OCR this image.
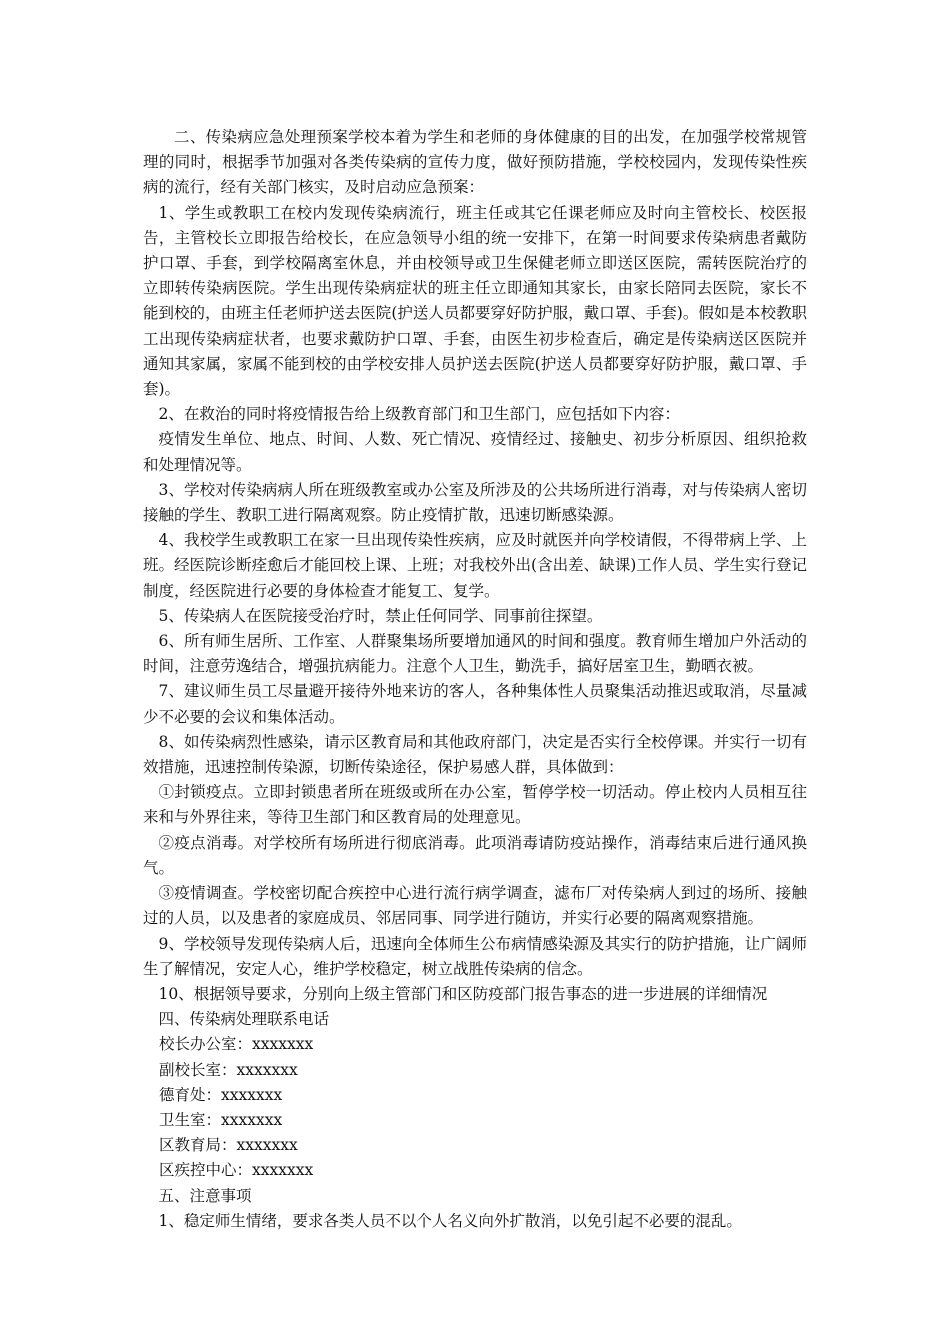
二、传染病应急处理预案学校本着为学生和老师的身体健康的目的出发，在加强学校常规管理的同时，根据季节加强对各类传染病的宣传力度，做好预防措施，学校校园内，发现传染性疾病的流行，经有关部门核实，及时启动应急预案：

1、学生或教职工在校内发现传染病流行，班主任或其它任课老师应及时向主管校长、校医报告，主管校长立即报告给校长，在应急领导小组的统一安排下，在第一时间要求传染病患者戴防护口罩、手套，到学校隔离室休息，并由校领导或卫生保健老师立即送区医院，需转医院治疗的立即转传染病医院。学生出现传染病症状的班主任立即通知其家长，由家长陪同去医院，家长不能到校的，由班主任老师护送去医院(护送人员都要穿好防护服，戴口罩、手套)。假如是本校教职工出现传染病症状者，也要求戴防护口罩、手套，由医生初步检查后，确定是传染病送区医院并通知其家属，家属不能到校的由学校安排人员护送去医院(护送人员都要穿好防护服，戴口罩、手套)。

2、在救治的同时将疫情报告给上级教育部门和卫生部门，应包括如下内容：

疫情发生单位、地点、时间、人数、死亡情况、疫情经过、接触史、初步分析原因、组织抢救和处理情况等。

3、学校对传染病病人所在班级教室或办公室及所涉及的公共场所进行消毒，对与传染病人密切接触的学生、教职工进行隔离观察。防止疫情扩散，迅速切断感染源。

4、我校学生或教职工在家一旦出现传染性疾病，应及时就医并向学校请假，不得带病上学、上班。经医院诊断痊愈后才能回校上课、上班；对我校外出(含出差、缺课)工作人员、学生实行登记制度，经医院进行必要的身体检查才能复工、复学。

5、传染病人在医院接受治疗时，禁止任何同学、同事前往探望。

6、所有师生居所、工作室、人群聚集场所要增加通风的时间和强度。教育师生增加户外活动的时间，注意劳逸结合，增强抗病能力。注意个人卫生，勤洗手，搞好居室卫生，勤晒衣被。

7、建议师生员工尽量避开接待外地来访的客人，各种集体性人员聚集活动推迟或取消，尽量减少不必要的会议和集体活动。

8、如传染病烈性感染，请示区教育局和其他政府部门，决定是否实行全校停课。并实行一切有效措施，迅速控制传染源，切断传染途径，保护易感人群，具体做到：

①封锁疫点。立即封锁患者所在班级或所在办公室，暂停学校一切活动。停止校内人员相互往来和与外界往来，等待卫生部门和区教育局的处理意见。

②疫点消毒。对学校所有场所进行彻底消毒。此项消毒请防疫站操作，消毒结束后进行通风换气。

③疫情调查。学校密切配合疾控中心进行流行病学调查，滤布厂对传染病人到过的场所、接触过的人员，以及患者的家庭成员、邻居同事、同学进行随访，并实行必要的隔离观察措施。

9、学校领导发现传染病人后，迅速向全体师生公布病情感染源及其实行的防护措施，让广阔师生了解情况，安定人心，维护学校稳定，树立战胜传染病的信念。

10、根据领导要求，分别向上级主管部门和区防疫部门报告事态的进一步进展的详细情况

四、传染病处理联系电话

校长办公室：xxxxxxx

副校长室：xxxxxxx

德育处：xxxxxxx

卫生室：xxxxxxx

区教育局：xxxxxxx

区疾控中心：xxxxxxx

五、注意事项

1、稳定师生情绪，要求各类人员不以个人名义向外扩散消，以免引起不必要的混乱。
